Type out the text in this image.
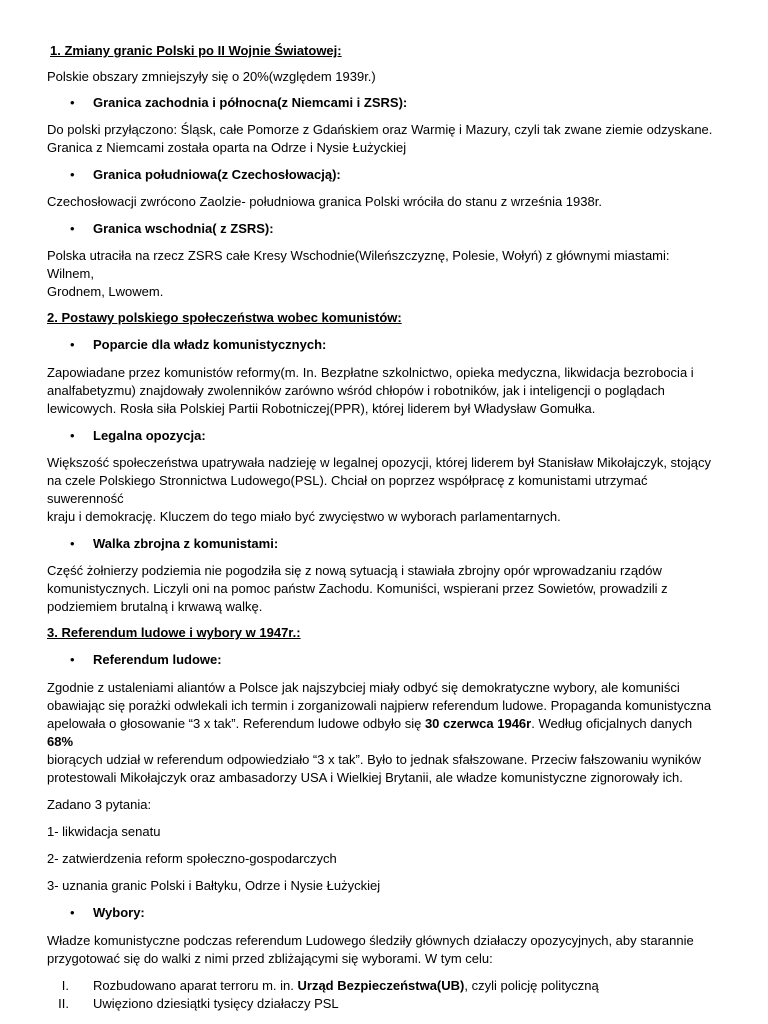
1. Zmiany granic Polski po II Wojnie Światowej:

Polskie obszary zmniejszyły się o 20%(względem 1939r.)

• Granica zachodnia i północna(z Niemcami i ZSRS):

Do polski przyłączono: Śląsk, całe Pomorze z Gdańskiem oraz Warmię i Mazury, czyli tak zwane ziemie odzyskane.
Granica z Niemcami została oparta na Odrze i Nysie Łużyckiej

• Granica południowa(z Czechosłowacją):

Czechosłowacji zwrócono Zaolzie- południowa granica Polski wróciła do stanu z września 1938r.

• Granica wschodnia( z ZSRS):

Polska utraciła na rzecz ZSRS całe Kresy Wschodnie(Wileńszczyznę, Polesie, Wołyń) z głównymi miastami: Wilnem,
Grodnem, Lwowem.

2. Postawy polskiego społeczeństwa wobec komunistów:

• Poparcie dla władz komunistycznych:

Zapowiadane przez komunistów reformy(m. In. Bezpłatne szkolnictwo, opieka medyczna, likwidacja bezrobocia i
analfabetyzmu) znajdowały zwolenników zarówno wśród chłopów i robotników, jak i inteligencji o poglądach
lewicowych. Rosła siła Polskiej Partii Robotniczej(PPR), której liderem był Władysław Gomułka.

• Legalna opozycja:

Większość społeczeństwa upatrywała nadzieję w legalnej opozycji, której liderem był Stanisław Mikołajczyk, stojący
na czele Polskiego Stronnictwa Ludowego(PSL). Chciał on poprzez współpracę z komunistami utrzymać suwerenność
kraju i demokrację. Kluczem do tego miało być zwycięstwo w wyborach parlamentarnych.

• Walka zbrojna z komunistami:

Część żołnierzy podziemia nie pogodziła się z nową sytuacją i stawiała zbrojny opór wprowadzaniu rządów
komunistycznych. Liczyli oni na pomoc państw Zachodu. Komuniści, wspierani przez Sowietów, prowadzili z
podziemiem brutalną i krwawą walkę.

3. Referendum ludowe i wybory w 1947r.:

• Referendum ludowe:

Zgodnie z ustaleniami aliantów a Polsce jak najszybciej miały odbyć się demokratyczne wybory, ale komuniści
obawiając się porażki odwlekali ich termin i zorganizowali najpierw referendum ludowe. Propaganda komunistyczna
apelowała o głosowanie “3 x tak”. Referendum ludowe odbyło się 30 czerwca 1946r. Według oficjalnych danych 68%
biorących udział w referendum odpowiedziało “3 x tak”. Było to jednak sfałszowane. Przeciw fałszowaniu wyników
protestowali Mikołajczyk oraz ambasadorzy USA i Wielkiej Brytanii, ale władze komunistyczne zignorowały ich.

Zadano 3 pytania:

1- likwidacja senatu

2- zatwierdzenia reform społeczno-gospodarczych

3- uznania granic Polski i Bałtyku, Odrze i Nysie Łużyckiej

• Wybory:

Władze komunistyczne podczas referendum Ludowego śledziły głównych działaczy opozycyjnych, aby starannie
przygotować się do walki z nimi przed zbliżającymi się wyborami. W tym celu:

I. Rozbudowano aparat terroru m. in. Urząd Bezpieczeństwa(UB), czyli policję polityczną

II. Uwięziono dziesiątki tysięcy działaczy PSL
